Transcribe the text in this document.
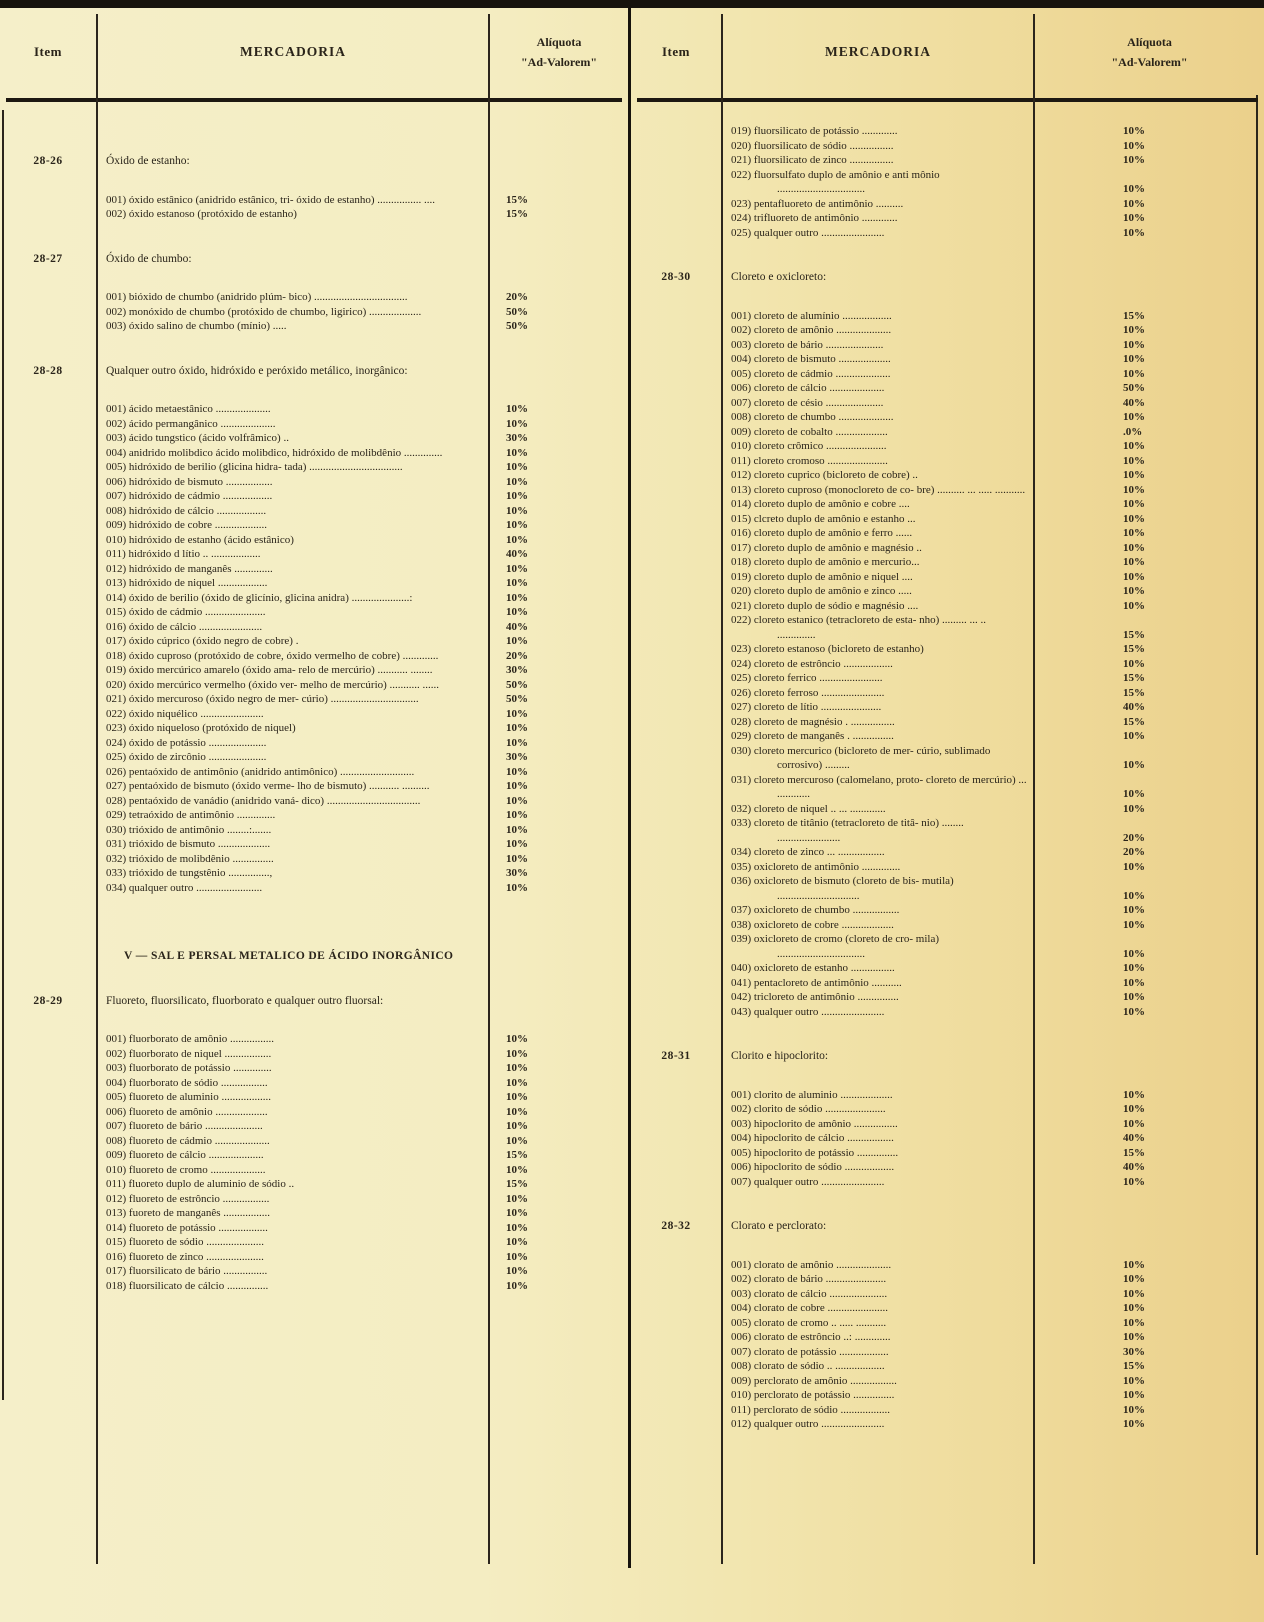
Item	MERCADORIA
Alíquota
"Ad-Valorem"
28-26	Óxido de estanho:
001) óxido estânico (anidrido estânico, tri- óxido de estanho) ................ ....	15%
002) óxido estanoso (protóxido de estanho)	15%
28-27	Óxido de chumbo:
001) bióxido de chumbo (anidrido plúm- bico) ..................................	20%
002) monóxido de chumbo (protóxido de chumbo, ligirico) ...................	50%
003) óxido salino de chumbo (mínio) .....	50%
28-28	Qualquer outro óxido, hidróxido e peróxido metálico, inorgânico:
001) ácido metaestânico ....................	10%
002) ácido permangânico ....................	10%
003) ácido tungstico (ácido volfrâmico) ..	30%
004) anidrido molibdico ácido molibdico, hidróxido de molibdênio ..............	10%
005) hidróxido de berilio (glicina hidra- tada) ..................................	10%
006) hidróxido de bismuto .................	10%
007) hidróxido de cádmio ..................	10%
008) hidróxido de cálcio ..................	10%
009) hidróxido de cobre ...................	10%
010) hidróxido de estanho (ácido estânico)	10%
011) hidróxido d lítio .. ..................	40%
012) hidróxido de manganês ..............	10%
013) hidróxido de niquel ..................	10%
014) óxido de berilio (óxido de glicínio, glicina anidra) .....................:	10%
015) óxido de cádmio ......................	10%
016) óxido de cálcio .......................	40%
017) óxido cúprico (óxido negro de cobre) .	10%
018) óxido cuproso (protóxido de cobre, óxido vermelho de cobre) .............	20%
019) óxido mercúrico amarelo (óxido ama- relo de mercúrio) ........... ........	30%
020) óxido mercúrico vermelho (óxido ver- melho de mercúrio) ........... ......	50%
021) óxido mercuroso (óxido negro de mer- cúrio) ................................	50%
022) óxido niquélico .......................	10%
023) óxido niqueloso (protóxido de niquel)	10%
024) óxido de potássio .....................	10%
025) óxido de zircônio .....................	30%
026) pentaóxido de antimônio (anidrido antimônico) ...........................	10%
027) pentaóxido de bismuto (óxido verme- lho de bismuto) ........... ..........	10%
028) pentaóxido de vanádio (anidrido vaná- dico) ..................................	10%
029) tetraóxido de antimônio ..............	10%
030) trióxido de antimônio ........:.......	10%
031) trióxido de bismuto ...................	10%
032) trióxido de molibdênio ...............	10%
033) trióxido de tungstênio ...............,	30%
034) qualquer outro ........................	10%
V — SAL E PERSAL METALICO DE ÁCIDO INORGÂNICO
28-29	Fluoreto, fluorsilicato, fluorborato e qualquer outro fluorsal:
001) fluorborato de amônio ................	10%
002) fluorborato de niquel .................	10%
003) fluorborato de potássio ..............	10%
004) fluorborato de sódio .................	10%
005) fluoreto de aluminio ..................	10%
006) fluoreto de amônio ...................	10%
007) fluoreto de bário .....................	10%
008) fluoreto de cádmio ....................	10%
009) fluoreto de cálcio ....................	15%
010) fluoreto de cromo ....................	10%
011) fluoreto duplo de aluminio de sódio ..	15%
012) fluoreto de estrôncio .................	10%
013) fuoreto de manganês .................	10%
014) fluoreto de potássio ..................	10%
015) fluoreto de sódio .....................	10%
016) fluoreto de zinco .....................	10%
017) fluorsilicato de bário ................	10%
018) fluorsilicato de cálcio ...............	10%
Item	MERCADORIA
Alíquota
"Ad-Valorem"
019) fluorsilicato de potássio .............	10%
020) fluorsilicato de sódio ................	10%
021) fluorsilicato de zinco ................	10%
022) fluorsulfato duplo de amônio e anti mônio ................................	10%
023) pentafluoreto de antimônio ..........	10%
024) trifluoreto de antimônio .............	10%
025) qualquer outro .......................	10%
28-30	Cloreto e oxicloreto:
001) cloreto de alumínio ..................	15%
002) cloreto de amônio ....................	10%
003) cloreto de bário .....................	10%
004) cloreto de bismuto ...................	10%
005) cloreto de cádmio ....................	10%
006) cloreto de cálcio ....................	50%
007) cloreto de césio .....................	40%
008) cloreto de chumbo ....................	10%
009) cloreto de cobalto ...................	.0%
010) cloreto crômico ......................	10%
011) cloreto cromoso ......................	10%
012) cloreto cuprico (bicloreto de cobre) ..	10%
013) cloreto cuproso (monocloreto de co- bre) .......... ... ..... ...........	10%
014) cloreto duplo de amônio e cobre ....	10%
015) clcreto duplo de amônio e estanho ...	10%
016) cloreto duplo de amônio e ferro ......	10%
017) cloreto duplo de amônio e magnésio ..	10%
018) cloreto duplo de amônio e mercurio...	10%
019) cloreto duplo de amônio e niquel ....	10%
020) cloreto duplo de amônio e zinco .....	10%
021) cloreto duplo de sódio e magnésio ....	10%
022) cloreto estanico (tetracloreto de esta- nho) ......... ... .. ..............	15%
023) cloreto estanoso (bicloreto de estanho)	15%
024) cloreto de estrôncio ..................	10%
025) cloreto ferrico .......................	15%
026) cloreto ferroso .......................	15%
027) cloreto de lítio ......................	40%
028) cloreto de magnésio . ................	15%
029) cloreto de manganês . ...............	10%
030) cloreto mercurico (bicloreto de mer- cúrio, sublimado corrosivo) .........	10%
031) cloreto mercuroso (calomelano, proto- cloreto de mercúrio) ... ............	10%
032) cloreto de niquel .. ... .............	10%
033) cloreto de titânio (tetracloreto de titâ- nio) ........ .......................	20%
034) cloreto de zinco ... .................	20%
035) oxicloreto de antimônio ..............	10%
036) oxicloreto de bismuto (cloreto de bis- mutila) ..............................	10%
037) oxicloreto de chumbo .................	10%
038) oxicloreto de cobre ...................	10%
039) oxicloreto de cromo (cloreto de cro- mila) ................................	10%
040) oxicloreto de estanho ................	10%
041) pentacloreto de antimônio ...........	10%
042) tricloreto de antimônio ...............	10%
043) qualquer outro .......................	10%
28-31	Clorito e hipoclorito:
001) clorito de aluminio ...................	10%
002) clorito de sódio ......................	10%
003) hipoclorito de amônio ................	10%
004) hipoclorito de cálcio .................	40%
005) hipoclorito de potássio ...............	15%
006) hipoclorito de sódio ..................	40%
007) qualquer outro .......................	10%
28-32	Clorato e perclorato:
001) clorato de amônio ....................	10%
002) clorato de bário ......................	10%
003) clorato de cálcio .....................	10%
004) clorato de cobre ......................	10%
005) clorato de cromo .. ..... ...........	10%
006) clorato de estrôncio ..: .............	10%
007) clorato de potássio ..................	30%
008) clorato de sódio .. ..................	15%
009) perclorato de amônio .................	10%
010) perclorato de potássio ...............	10%
011) perclorato de sódio ..................	10%
012) qualquer outro .......................	10%
